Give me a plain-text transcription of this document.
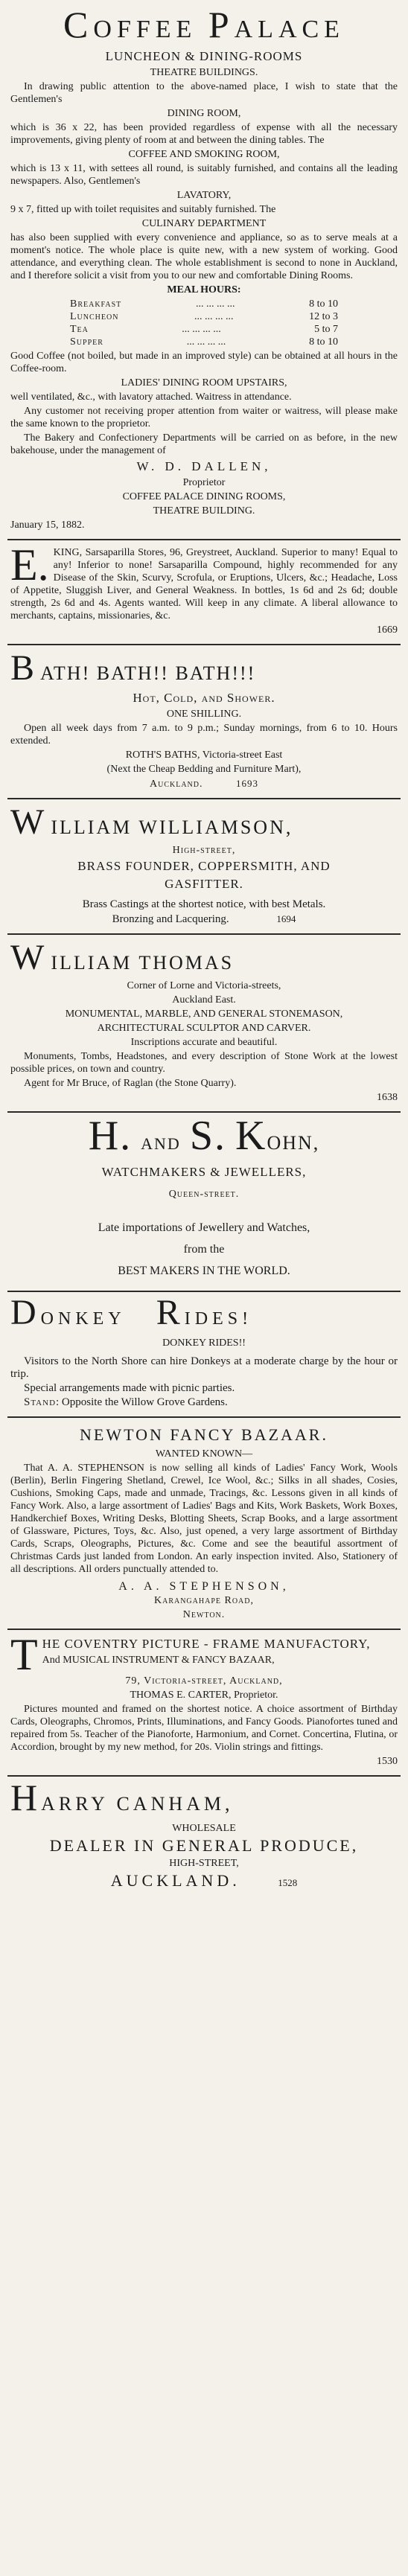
COFFEE PALACE

LUNCHEON & DINING-ROOMS

THEATRE BUILDINGS.

In drawing public attention to the above-named place, I wish to state that the Gentlemen's

DINING ROOM,

which is 36 x 22, has been provided regardless of expense with all the necessary improvements, giving plenty of room at and between the dining tables. The

COFFEE AND SMOKING ROOM,

which is 13 x 11, with settees all round, is suitably furnished, and contains all the leading newspapers. Also, Gentlemen's

LAVATORY,

9 x 7, fitted up with toilet requisites and suitably furnished. The

CULINARY DEPARTMENT

has also been supplied with every convenience and appliance, so as to serve meals at a moment's notice. The whole place is quite new, with a new system of working. Good attendance, and everything clean. The whole establishment is second to none in Auckland, and I therefore solicit a visit from you to our new and comfortable Dining Rooms.

MEAL HOURS:

Breakfast	... ... ... ...	8 to 10
Luncheon	... ... ... ...	12 to 3
Tea	... ... ... ...	5 to 7
Supper	... ... ... ...	8 to 10

Good Coffee (not boiled, but made in an improved style) can be obtained at all hours in the Coffee-room.

LADIES' DINING ROOM UPSTAIRS,

well ventilated, &c., with lavatory attached. Waitress in attendance.

Any customer not receiving proper attention from waiter or waitress, will please make the same known to the proprietor.

The Bakery and Confectionery Departments will be carried on as before, in the new bakehouse, under the management of

W. D. DALLEN,

Proprietor

COFFEE PALACE DINING ROOMS,

THEATRE BUILDING.

January 15, 1882.

E. KING, Sarsaparilla Stores, 96, Greystreet, Auckland. Superior to many! Equal to any! Inferior to none! Sarsaparilla Compound, highly recommended for any Disease of the Skin, Scurvy, Scrofula, or Eruptions, Ulcers, &c.; Headache, Loss of Appetite, Sluggish Liver, and General Weakness. In bottles, 1s 6d and 2s 6d; double strength, 2s 6d and 4s. Agents wanted. Will keep in any climate. A liberal allowance to merchants, captains, missionaries, &c.

1669

BATH! BATH!! BATH!!!

Hot, Cold, and Shower.

ONE SHILLING.

Open all week days from 7 a.m. to 9 p.m.; Sunday mornings, from 6 to 10. Hours extended.

ROTH'S BATHS, Victoria-street East

(Next the Cheap Bedding and Furniture Mart),

Auckland.	1693

WILLIAM WILLIAMSON,

High-street,

BRASS FOUNDER, COPPERSMITH, AND

GASFITTER.

Brass Castings at the shortest notice, with best Metals.

Bronzing and Lacquering.	1694

WILLIAM THOMAS

Corner of Lorne and Victoria-streets,

Auckland East.

MONUMENTAL, MARBLE, AND GENERAL STONEMASON,

ARCHITECTURAL SCULPTOR AND CARVER.

Inscriptions accurate and beautiful.

Monuments, Tombs, Headstones, and every description of Stone Work at the lowest possible prices, on town and country.

Agent for Mr Bruce, of Raglan (the Stone Quarry).

1638

H. AND S. KOHN,

WATCHMAKERS & JEWELLERS,

Queen-street.

Late importations of Jewellery and Watches,

from the

BEST MAKERS IN THE WORLD.

DONKEY RIDES!

DONKEY RIDES!!

Visitors to the North Shore can hire Donkeys at a moderate charge by the hour or trip.

Special arrangements made with picnic parties.

Stand: Opposite the Willow Grove Gardens.

NEWTON FANCY BAZAAR.

WANTED KNOWN—

That A. A. STEPHENSON is now selling all kinds of Ladies' Fancy Work, Wools (Berlin), Berlin Fingering Shetland, Crewel, Ice Wool, &c.; Silks in all shades, Cosies, Cushions, Smoking Caps, made and unmade, Tracings, &c. Lessons given in all kinds of Fancy Work. Also, a large assortment of Ladies' Bags and Kits, Work Baskets, Work Boxes, Handkerchief Boxes, Writing Desks, Blotting Sheets, Scrap Books, and a large assortment of Glassware, Pictures, Toys, &c. Also, just opened, a very large assortment of Birthday Cards, Scraps, Oleographs, Pictures, &c. Come and see the beautiful assortment of Christmas Cards just landed from London. An early inspection invited. Also, Stationery of all descriptions. All orders punctually attended to.

A. A. STEPHENSON,

Karangahape Road,

Newton.

T HE COVENTRY PICTURE - FRAME MANUFACTORY,

And MUSICAL INSTRUMENT & FANCY BAZAAR,

79, Victoria-street, Auckland,

THOMAS E. CARTER, Proprietor.

Pictures mounted and framed on the shortest notice. A choice assortment of Birthday Cards, Oleographs, Chromos, Prints, Illuminations, and Fancy Goods. Pianofortes tuned and repaired from 5s. Teacher of the Pianoforte, Harmonium, and Cornet. Concertina, Flutina, or Accordion, brought by my new method, for 20s. Violin strings and fittings.

1530

HARRY CANHAM,

WHOLESALE

DEALER IN GENERAL PRODUCE,

HIGH-STREET,

AUCKLAND.	1528
